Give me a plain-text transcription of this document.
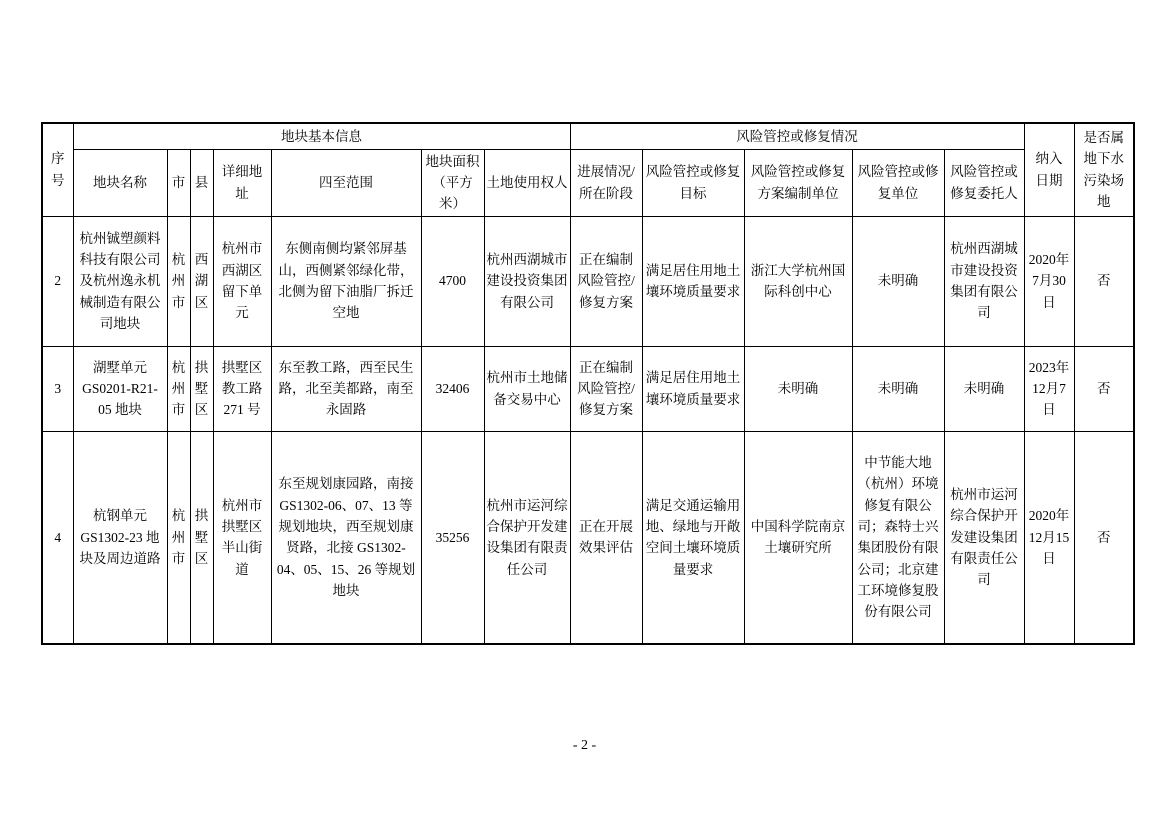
序号	地块基本信息							风险管控或修复情况					纳入日期	是否属地下水污染场地
	地块名称	市	县	详细地址	四至范围	地块面积（平方米）	土地使用权人	进展情况/所在阶段	风险管控或修复目标	风险管控或修复方案编制单位	风险管控或修复单位	风险管控或修复委托人		
2	杭州铖塑颜料科技有限公司及杭州逸永机械制造有限公司地块	杭州市	西湖区	杭州市西湖区留下单元	东侧南侧均紧邻屏基山，西侧紧邻绿化带，北侧为留下油脂厂拆迁空地	4700	杭州西湖城市建设投资集团有限公司	正在编制风险管控/修复方案	满足居住用地土壤环境质量要求	浙江大学杭州国际科创中心	未明确	杭州西湖城市建设投资集团有限公司	2020年7月30日	否
3	湖墅单元 GS0201-R21-05 地块	杭州市	拱墅区	拱墅区教工路 271 号	东至教工路，西至民生路，北至美都路，南至永固路	32406	杭州市土地储备交易中心	正在编制风险管控/修复方案	满足居住用地土壤环境质量要求	未明确	未明确	未明确	2023年12月7日	否
4	杭钢单元 GS1302-23 地块及周边道路	杭州市	拱墅区	杭州市拱墅区半山街道	东至规划康园路，南接 GS1302-06、07、13 等规划地块，西至规划康贤路，北接 GS1302-04、05、15、26 等规划地块	35256	杭州市运河综合保护开发建设集团有限责任公司	正在开展效果评估	满足交通运输用地、绿地与开敞空间土壤环境质量要求	中国科学院南京土壤研究所	中节能大地（杭州）环境修复有限公司；森特士兴集团股份有限公司；北京建工环境修复股份有限公司	杭州市运河综合保护开发建设集团有限责任公司	2020年12月15日	否
- 2 -
